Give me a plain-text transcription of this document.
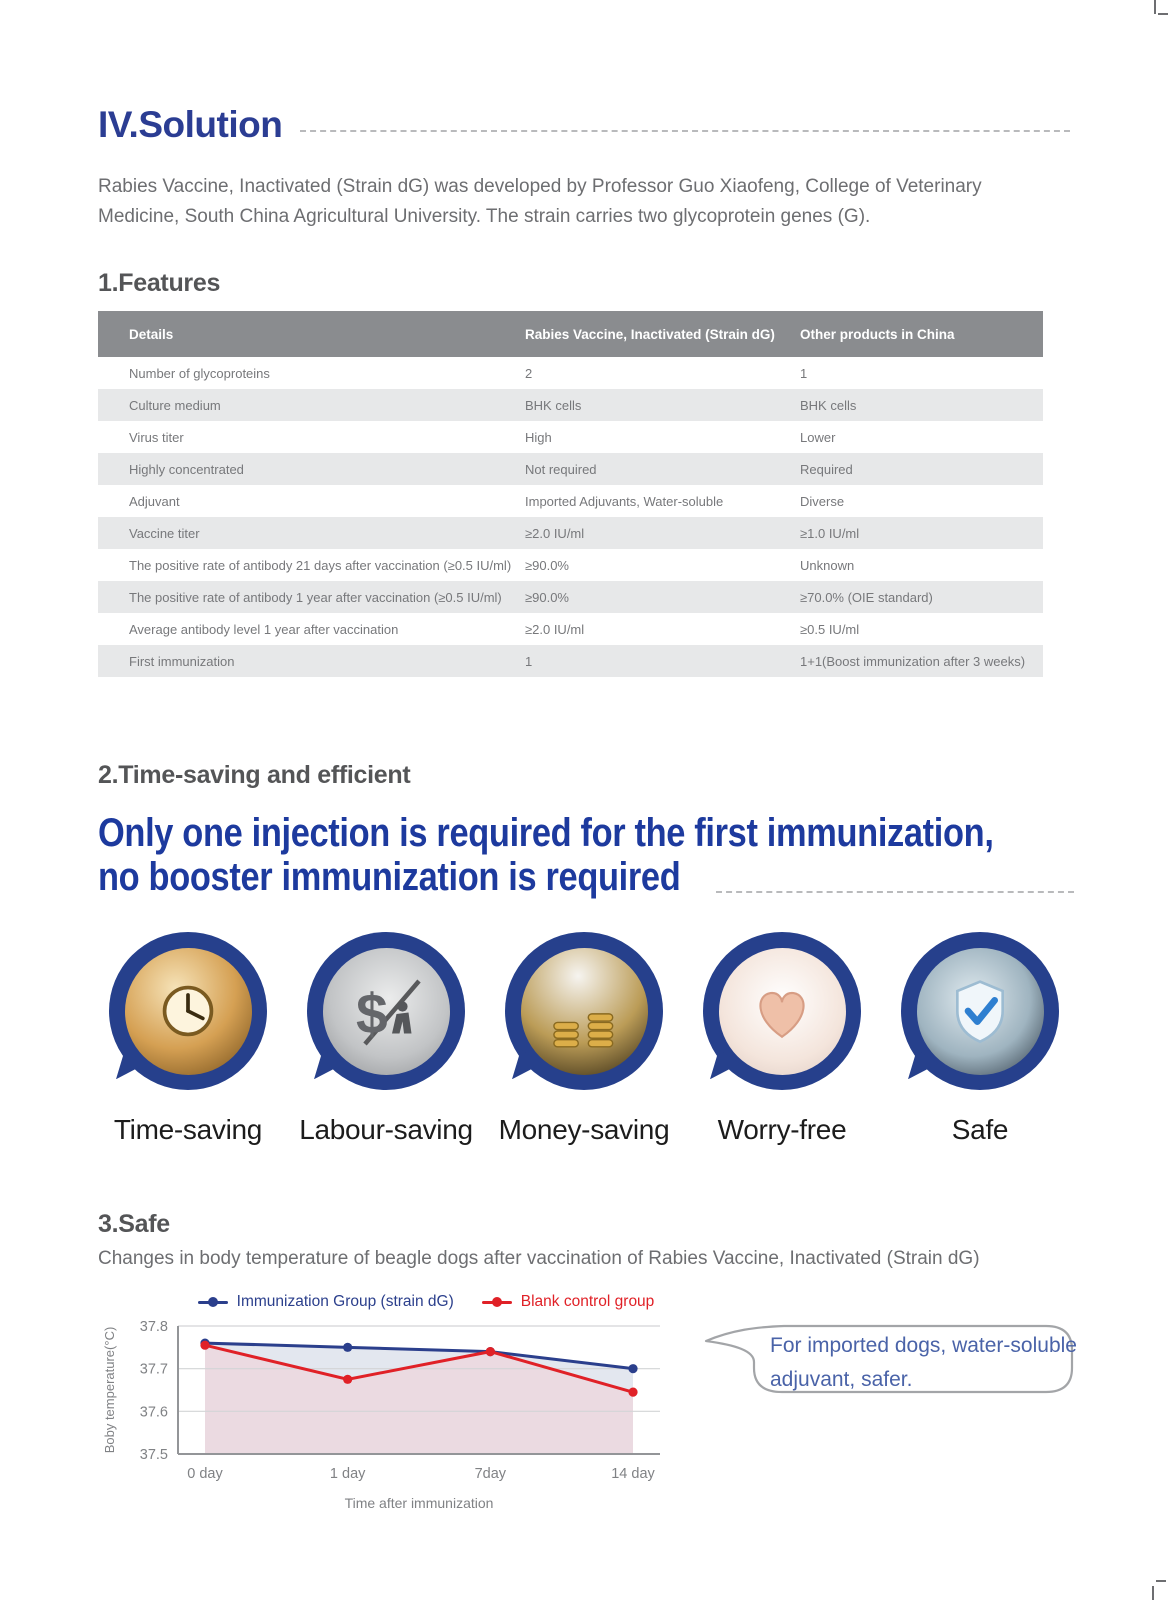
IV.Solution

Rabies Vaccine, Inactivated (Strain dG) was developed by Professor Guo Xiaofeng, College of Veterinary Medicine, South China Agricultural University. The strain carries two glycoprotein genes (G).

1.Features
Details	Rabies Vaccine, Inactivated (Strain dG)	Other products in China
Number of glycoproteins	2	1
Culture medium	BHK cells	BHK cells
Virus titer	High	Lower
Highly concentrated	Not required	Required
Adjuvant	Imported Adjuvants, Water-soluble	Diverse
Vaccine titer	≥2.0 IU/ml	≥1.0 IU/ml
The positive rate of antibody 21 days after vaccination (≥0.5 IU/ml)	≥90.0%	Unknown
The positive rate of antibody 1 year after vaccination (≥0.5 IU/ml)	≥90.0%	≥70.0% (OIE standard)
Average antibody level 1 year after vaccination	≥2.0 IU/ml	≥0.5 IU/ml
First immunization	1	1+1(Boost immunization after 3 weeks)
2.Time-saving and efficient
Only one injection is required for the first immunization,
no booster immunization is required
Time-saving
$
Labour-saving Money-saving Worry-free	Safe
3.Safe

Changes in body temperature of beagle dogs after vaccination of Rabies Vaccine, Inactivated (Strain dG)

Immunization Group (strain dG)	Blank control group
37.5
37.6
37.7
37.8
0 day	1 day	7day	14 day
Time after immunization
Boby temperature(°C)	For imported dogs, water-soluble
adjuvant, safer.
